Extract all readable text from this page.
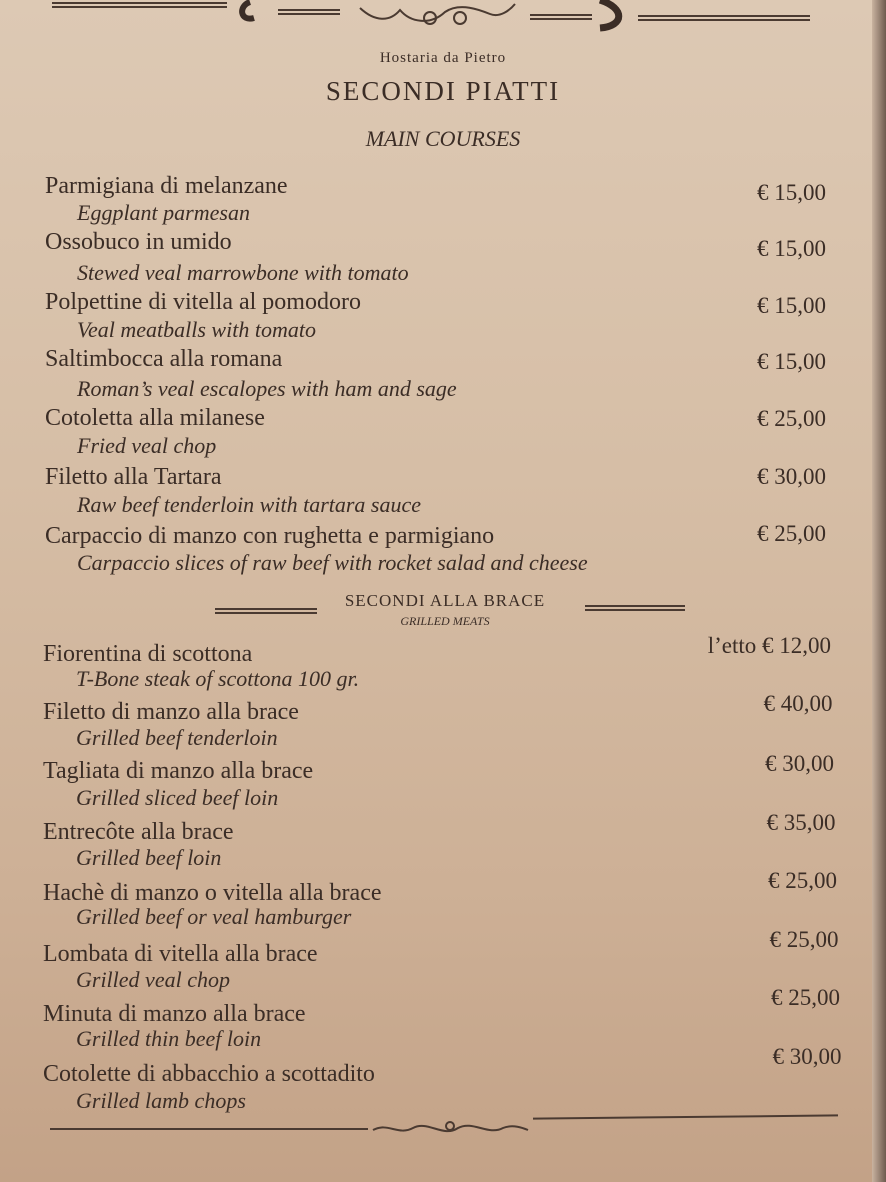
Hostaria da Pietro
SECONDI PIATTI
MAIN COURSES
Parmigiana di melanzane
Eggplant parmesan
€ 15,00
Ossobuco in umido
Stewed veal marrowbone with tomato
€ 15,00
Polpettine di vitella al pomodoro
Veal meatballs with tomato
€ 15,00
Saltimbocca alla romana
Roman’s veal escalopes with ham and sage
€ 15,00
Cotoletta alla milanese
Fried veal chop
€ 25,00
Filetto alla Tartara
Raw beef tenderloin with tartara sauce
€ 30,00
Carpaccio di manzo con rughetta e parmigiano
Carpaccio slices of raw beef with rocket salad and cheese
€ 25,00
SECONDI ALLA BRACE
GRILLED MEATS
Fiorentina di scottona
T-Bone steak of scottona 100 gr.
l’etto € 12,00
Filetto di manzo alla brace
Grilled beef tenderloin
€ 40,00
Tagliata di manzo alla brace
Grilled sliced beef loin
€ 30,00
Entrecôte alla brace
Grilled beef loin
€ 35,00
Hachè di manzo o vitella alla brace
Grilled beef or veal hamburger
€ 25,00
Lombata di vitella alla brace
Grilled veal chop
€ 25,00
Minuta di manzo alla brace
Grilled thin beef loin
€ 25,00
Cotolette di abbacchio a scottadito
Grilled lamb chops
€ 30,00
